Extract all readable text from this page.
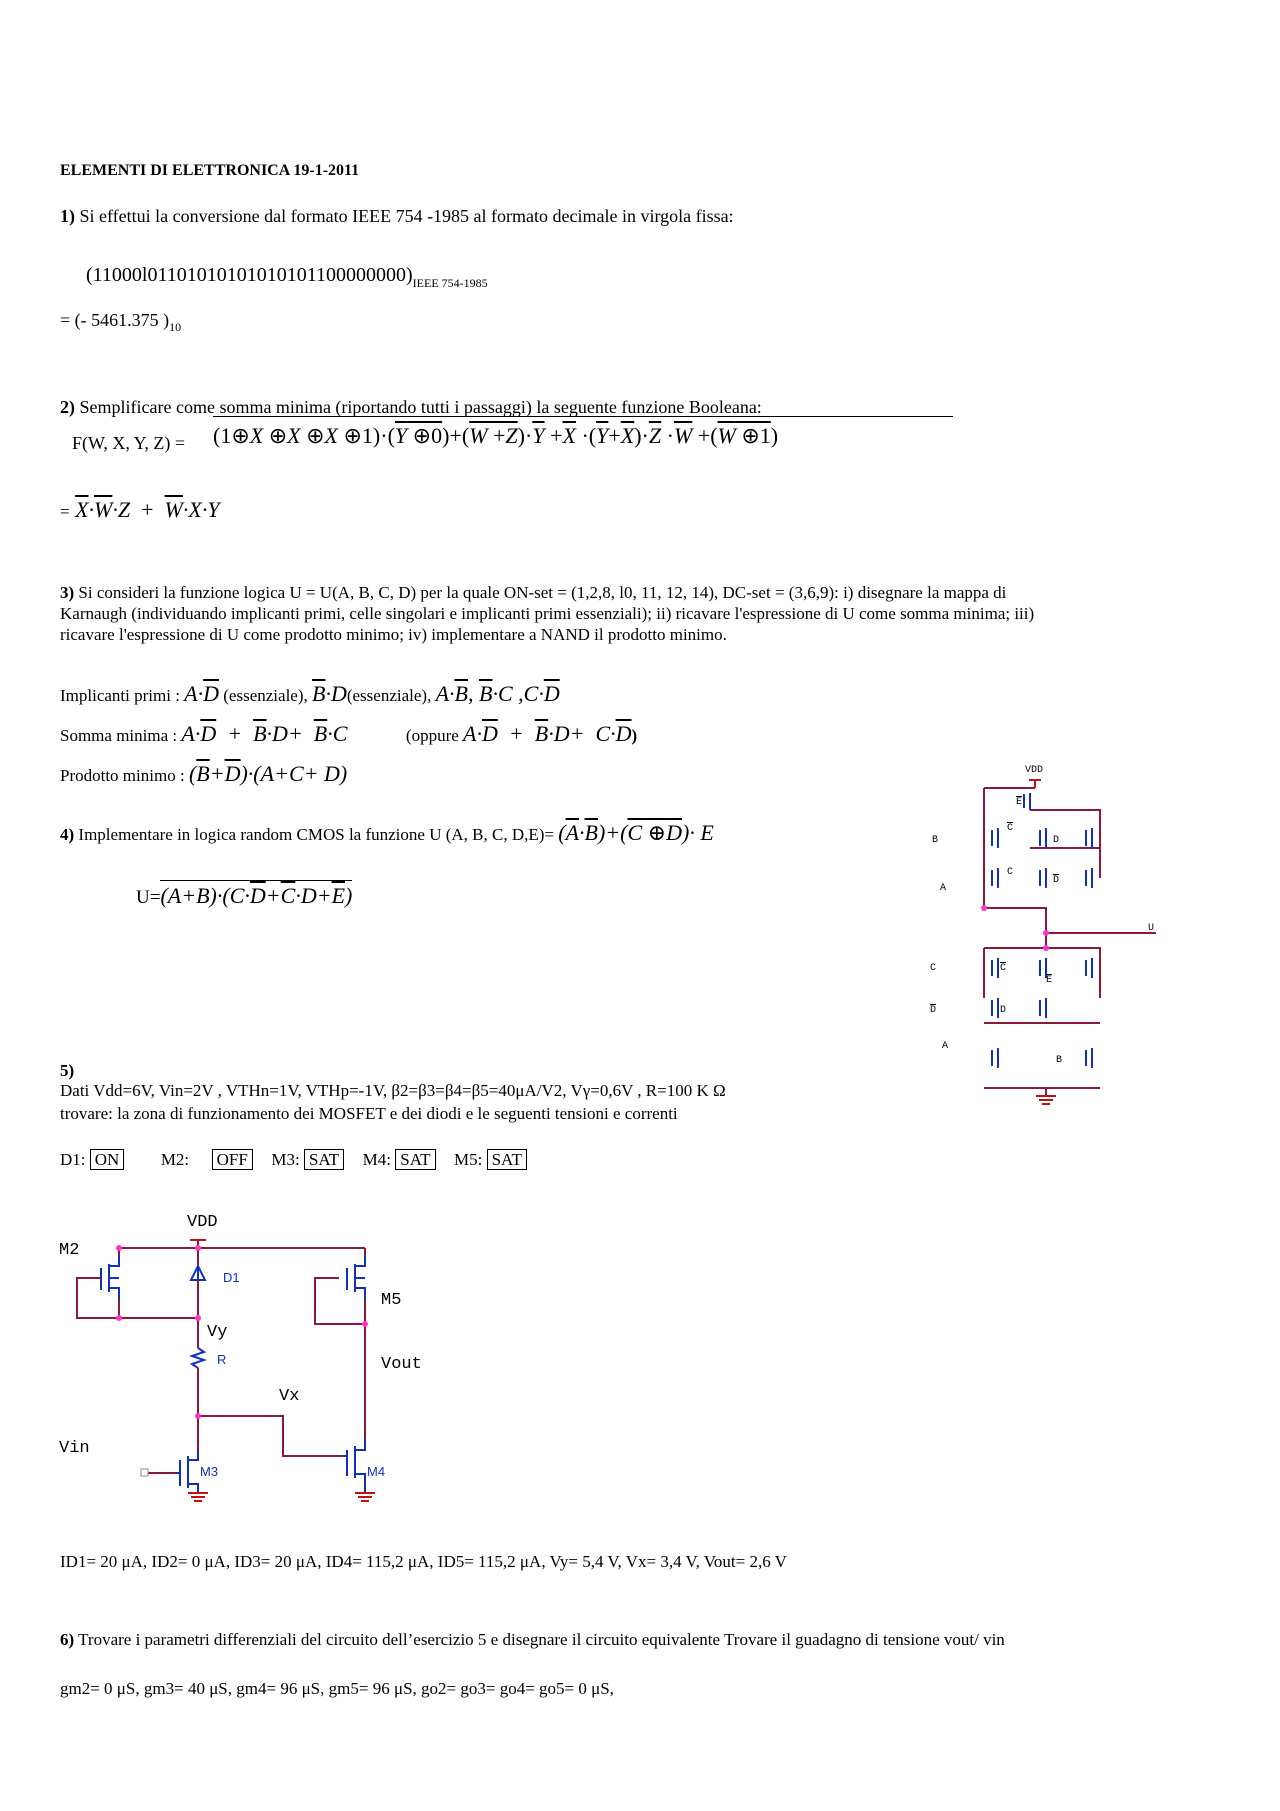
ELEMENTI DI ELETTRONICA 19-1-2011
1) Si effettui la conversione dal formato IEEE 754 -1985 al formato decimale in virgola fissa:
$(11000l01101010101010101100000000)_{IEEE 754-1985}$
= (- 5461.375 )$_{10}$
2) Semplificare come somma minima (riportando tutti i passaggi) la seguente funzione Booleana:
F(W, X, Y, Z) = (1⊕X ⊕X ⊕X ⊕1)·(Y ⊕0)+(W $+Z)\cdot\overline{Y} +\overline{X} \cdot(\overline{Y}+\overline{X})\cdot\overline{Z} \cdot\overline{W} +(W$ ⊕1)
= $\overline{X}\cdot\overline{W}\cdot Z + \overline{W}\cdot X\cdot Y$
3) Si consideri la funzione logica U = U(A, B, C, D) per la quale ON-set = (1,2,8, l0, 11, 12, 14), DC-set = (3,6,9): i) disegnare la mappa di
Karnaugh (individuando implicanti primi, celle singolari e implicanti primi essenziali); ii) ricavare l'espressione di U come somma minima; iii)
ricavare l'espressione di U come prodotto minimo; iv) implementare a NAND il prodotto minimo.
Implicanti primi : $A\cdot\overline{D}$ (essenziale), $\overline{B}\cdot D(essenziale)$, $A\cdot\overline{B}$, $\overline{B}\cdot C$ $,C\cdot\overline{D}$
Somma minima : $A\cdot\overline{D} + \overline{B}\cdot D+ \overline{B}\cdot C$	(oppure $A\cdot\overline{D} + \overline{B}\cdot D+ C\cdot\overline{D}$)
Prodotto minimo : $(\overline{B}+\overline{D})\cdot(A+C+ D)$
4) Implementare in logica random CMOS la funzione U (A, B, C, $D,E)= (\overline{A}\cdot\overline{B})+(C$ ⊕D)· E
$U=(A+B)\cdot(C\cdot\overline{D}+\overline{C}\cdot D+\overline{E})$
VDD
U
E
C
D
B
A
C
D
C	C
E
D	D
A
B
5)
Dati Vdd=6V, Vin=2V , VTHn=1V, VTHp=-1V, β2=β3=β4=β5=40μA/V2, Vγ=0,6V , R=100 K Ω
trovare: la zona di funzionamento dei MOSFET e dei diodi e le seguenti tensioni e correnti
D1: ON M2: OFF M3: SAT M4: SAT M5: SAT
VDD
M2
M5
Vy
Vout
Vx
Vin
D1
R
M3	M4
ID1= 20 μA, ID2= 0 μA, ID3= 20 μA, ID4= 115,2 μA, ID5= 115,2 μA, Vy= 5,4 V, Vx= 3,4 V, Vout= 2,6 V
6) Trovare i parametri differenziali del circuito dell’esercizio 5 e disegnare il circuito equivalente Trovare il guadagno di tensione vout/ vin
gm2= 0 μS, gm3= 40 μS, gm4= 96 μS, gm5= 96 μS, go2= go3= go4= go5= 0 μS,
